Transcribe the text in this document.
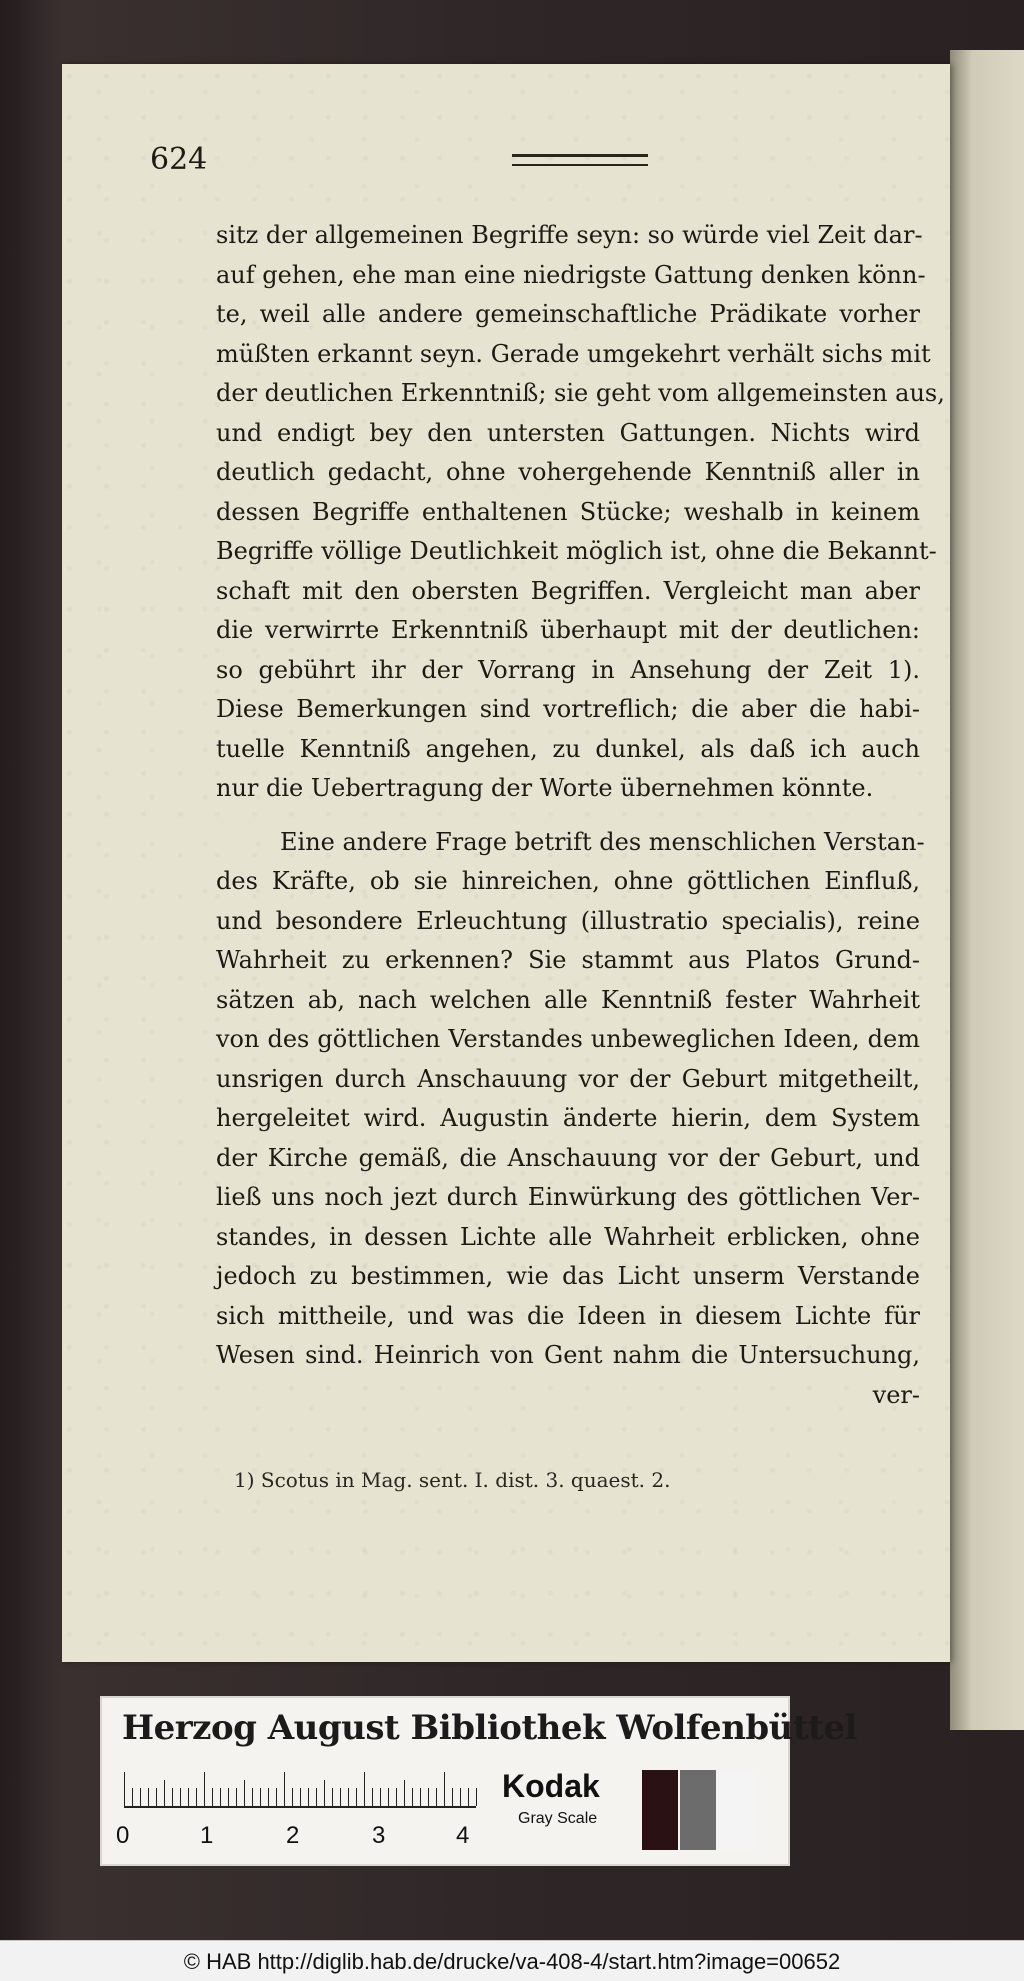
624
sitz der allgemeinen Begriffe seyn: so würde viel Zeit dar-
auf gehen, ehe man eine niedrigste Gattung denken könn-
te, weil alle andere gemeinschaftliche Prädikate vorher
müßten erkannt seyn. Gerade umgekehrt verhält sichs mit
der deutlichen Erkenntniß; sie geht vom allgemeinsten aus,
und endigt bey den untersten Gattungen. Nichts wird
deutlich gedacht, ohne vohergehende Kenntniß aller in
dessen Begriffe enthaltenen Stücke; weshalb in keinem
Begriffe völlige Deutlichkeit möglich ist, ohne die Bekannt-
schaft mit den obersten Begriffen. Vergleicht man aber
die verwirrte Erkenntniß überhaupt mit der deutlichen:
so gebührt ihr der Vorrang in Ansehung der Zeit 1).
Diese Bemerkungen sind vortreflich; die aber die habi-
tuelle Kenntniß angehen, zu dunkel, als daß ich auch
nur die Uebertragung der Worte übernehmen könnte.
Eine andere Frage betrift des menschlichen Verstan-
des Kräfte, ob sie hinreichen, ohne göttlichen Einfluß,
und besondere Erleuchtung (illustratio specialis), reine
Wahrheit zu erkennen? Sie stammt aus Platos Grund-
sätzen ab, nach welchen alle Kenntniß fester Wahrheit
von des göttlichen Verstandes unbeweglichen Ideen, dem
unsrigen durch Anschauung vor der Geburt mitgetheilt,
hergeleitet wird. Augustin änderte hierin, dem System
der Kirche gemäß, die Anschauung vor der Geburt, und
ließ uns noch jezt durch Einwürkung des göttlichen Ver-
standes, in dessen Lichte alle Wahrheit erblicken, ohne
jedoch zu bestimmen, wie das Licht unserm Verstande
sich mittheile, und was die Ideen in diesem Lichte für
Wesen sind. Heinrich von Gent nahm die Untersuchung,
ver-
1) Scotus in Mag. sent. I. dist. 3. quaest. 2.
Herzog August Bibliothek Wolfenbüttel
0	1	2	3	4
Kodak
Gray Scale
© HAB http://diglib.hab.de/drucke/va-408-4/start.htm?image=00652
